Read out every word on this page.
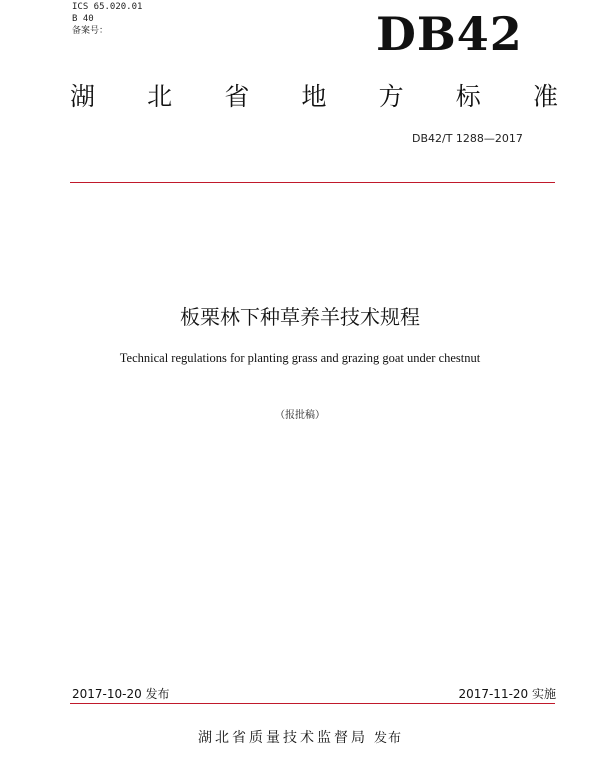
ICS 65.020.01
B 40
备案号：	DB42
湖 北 省 地 方 标 准
DB42/T 1288—2017
板栗林下种草养羊技术规程
Technical regulations for planting grass and grazing goat under chestnut
（报批稿）
2017-10-20 发布	2017-11-20 实施
湖北省质量技术监督局 发布
